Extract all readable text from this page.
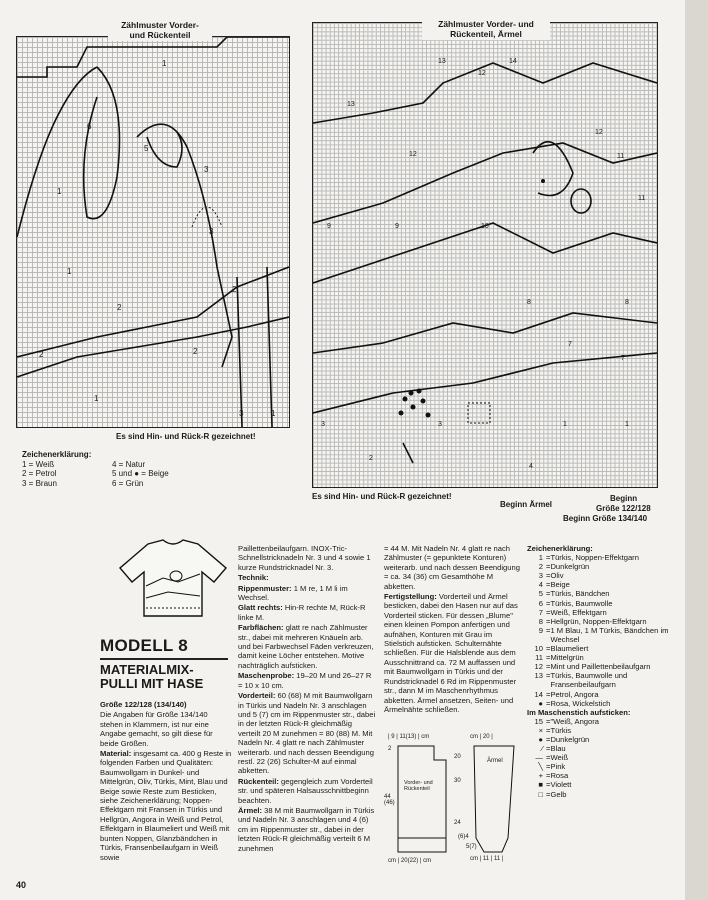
1
6
5
3
3
2
1
2
2
1
2
1
3
1
Zählmuster Vorder-
und Rückenteil
Es sind Hin- und Rück-R gezeichnet!
13
12
14
13
12
12
11
11
9	9	10
8	8
7
7
3
2
1	1
3
4
Zählmuster Vorder- und
Rückenteil, Ärmel
Es sind Hin- und Rück-R gezeichnet!
Beginn Ärmel
Beginn
Größe 122/128
Beginn Größe 134/140
Zeichenerklärung:
1 = Weiß
2 = Petrol
3 = Braun
4 = Natur
5 und ● = Beige
6 = Grün
MODELL 8
MATERIALMIX-
PULLI MIT HASE

Größe 122/128 (134/140)

Die Angaben für Größe 134/140 stehen in Klammern, ist nur eine Angabe gemacht, so gilt diese für beide Größen.

Material: insgesamt ca. 400 g Reste in folgenden Farben und Qualitäten: Baumwollgarn in Dunkel- und Mittelgrün, Oliv, Türkis, Mint, Blau und Beige sowie Reste zum Besticken, siehe Zeichenerklärung; Noppen-Effektgarn mit Fransen in Türkis und Hellgrün, Angora in Weiß und Petrol, Effektgarn in Blaumeliert und Weiß mit bunten Noppen, Glanzbändchen in Türkis, Fransenbeilaufgarn in Weiß sowie

Paillettenbeilaufgarn. INOX-Tric-Schnellstricknadeln Nr. 3 und 4 sowie 1 kurze Rundstricknadel Nr. 3.

Technik:

Rippenmuster: 1 M re, 1 M li im Wechsel.

Glatt rechts: Hin-R rechte M, Rück-R linke M.

Farbflächen: glatt re nach Zählmuster str., dabei mit mehreren Knäueln arb. und bei Farbwechsel Fäden verkreuzen, damit keine Löcher entstehen. Motive nachträglich aufsticken.

Maschenprobe: 19–20 M und 26–27 R = 10 x 10 cm.

Vorderteil: 60 (68) M mit Baumwollgarn in Türkis und Nadeln Nr. 3 anschlagen und 5 (7) cm im Rippenmuster str., dabei in der letzten Rück-R gleichmäßig verteilt 20 M zunehmen = 80 (88) M. Mit Nadeln Nr. 4 glatt re nach Zählmuster weiterarb. und nach dessen Beendigung restl. 22 (26) Schulter-M auf einmal abketten.

Rückenteil: gegengleich zum Vorderteil str. und späteren Halsausschnittbeginn beachten.

Ärmel: 38 M mit Baumwollgarn in Türkis und Nadeln Nr. 3 anschlagen und 4 (6) cm im Rippenmuster str., dabei in der letzten Rück-R gleichmäßig verteilt 6 M zunehmen

= 44 M. Mit Nadeln Nr. 4 glatt re nach Zählmuster (= gepunktete Konturen) weiterarb. und nach dessen Beendigung = ca. 34 (36) cm Gesamthöhe M abketten.

Fertigstellung: Vorderteil und Ärmel besticken, dabei den Hasen nur auf das Vorderteil sticken. Für dessen „Blume" einen kleinen Pompon anfertigen und aufnähen, Konturen mit Grau im Stielstich aufsticken. Schulternähte schließen. Für die Halsblende aus dem Ausschnittrand ca. 72 M auffassen und mit Baumwollgarn in Türkis und der Rundstricknadel 6 Rd im Rippenmuster str., dann M im Maschenrhythmus abketten. Ärmel ansetzen, Seiten- und Ärmelnähte schließen.

| 9 | 11(13) | cm	cm | 20 |
44 (46)
Vorder- und Rückenteil
Ärmel
30
20
24
(6)4
5(7)
2
cm | 20(22) | cm	cm | 11 | 11 |
Zeichenerklärung:
1 = Türkis, Noppen-Effektgarn
2 = Dunkelgrün
3 = Oliv
4 = Beige
5 = Türkis, Bändchen
6 = Türkis, Baumwolle
7 = Weiß, Effektgarn
8 = Hellgrün, Noppen-Effektgarn
9 = 1 M Blau, 1 M Türkis, Bändchen im Wechsel
10 = Blaumeliert
11 = Mittelgrün
12 = Mint und Paillettenbeilaufgarn
13 = Türkis, Baumwolle und Fransenbeilaufgarn
14 = Petrol, Angora
● = Rosa, Wickelstich
Im Maschenstich aufsticken:
15 = "Weiß, Angora
× = Türkis
● = Dunkelgrün
⁄ = Blau
— = Weiß
╲ = Pink
+ = Rosa
■ = Violett
□ = Gelb
40
